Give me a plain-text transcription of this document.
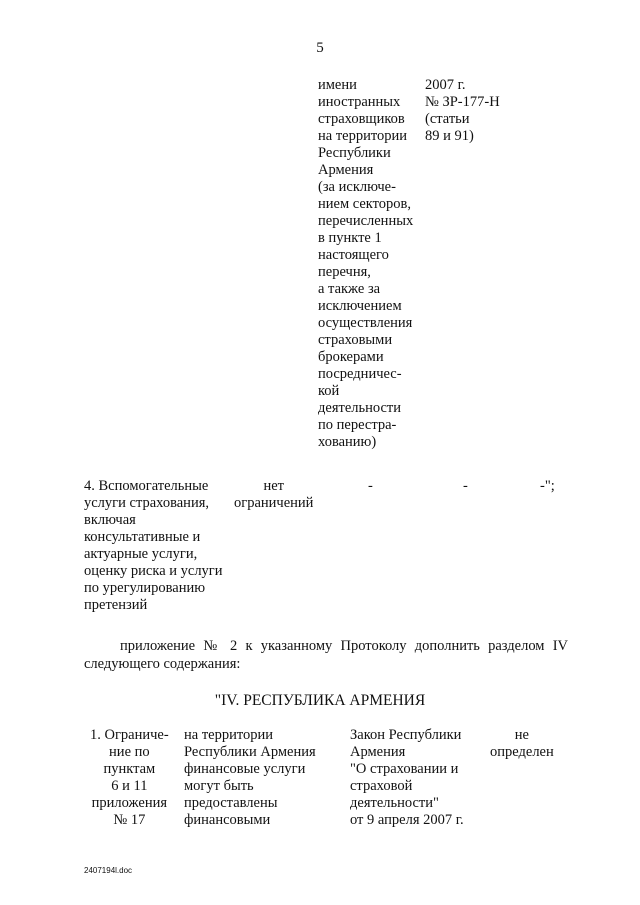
5
имени
иностранных
страховщиков
на территории
Республики
Армения
(за исключе-
нием секторов,
перечисленных
в пункте 1
настоящего
перечня,
а также за
исключением
осуществления
страховыми
брокерами
посредничес-
кой
деятельности
по перестра-
хованию)
2007 г.
№ ЗР-177-Н
(статьи
89 и 91)
4. Вспомогательные
услуги страхования,
включая
консультативные и
актуарные услуги,
оценку риска и услуги
по урегулированию
претензий
нет
ограничений
-	-	-";
приложение № 2 к указанному Протоколу дополнить разделом IV следующего содержания:
"IV. РЕСПУБЛИКА АРМЕНИЯ
1. Ограниче-
ние по
пунктам
6 и 11
приложения
№ 17
на территории
Республики Армения
финансовые услуги
могут быть
предоставлены
финансовыми
Закон Республики
Армения
"О страховании и
страховой
деятельности"
от 9 апреля 2007 г.
не
определен
2407194l.doc
